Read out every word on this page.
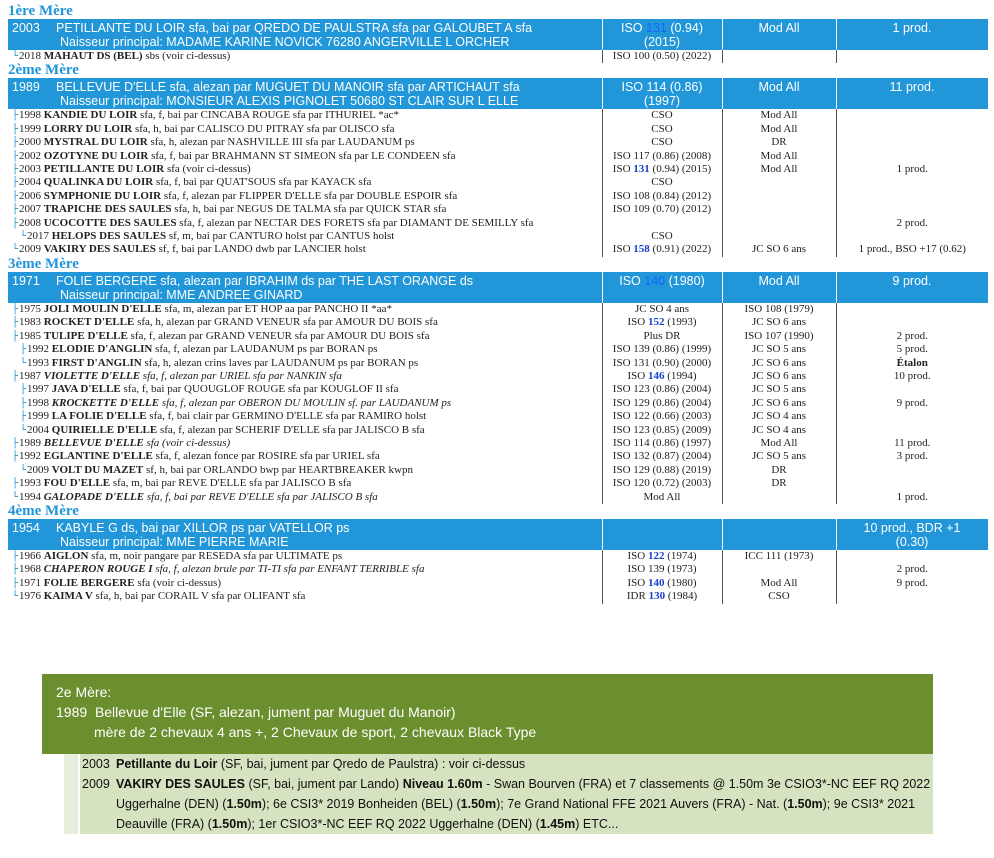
1ère Mère
2003 PETILLANTE DU LOIR sfa, bai par QREDO DE PAULSTRA sfa par GALOUBET A sfa
Naisseur principal: MADAME KARINE NOVICK 76280 ANGERVILLE L ORCHER	ISO 131 (0.94)
(2015)	Mod All	1 prod.
└2018 MAHAUT DS (BEL) sbs (voir ci-dessus)	ISO 100 (0.50) (2022)		
2ème Mère
1989 BELLEVUE D'ELLE sfa, alezan par MUGUET DU MANOIR sfa par ARTICHAUT sfa
Naisseur principal: MONSIEUR ALEXIS PIGNOLET 50680 ST CLAIR SUR L ELLE	ISO 114 (0.86)
(1997)	Mod All	11 prod.
├1998 KANDIE DU LOIR sfa, f, bai par CINCABA ROUGE sfa par ITHURIEL *ac*	CSO	Mod All	
├1999 LORRY DU LOIR sfa, h, bai par CALISCO DU PITRAY sfa par OLISCO sfa	CSO	Mod All	
├2000 MYSTRAL DU LOIR sfa, h, alezan par NASHVILLE III sfa par LAUDANUM ps	CSO	DR	
├2002 OZOTYNE DU LOIR sfa, f, bai par BRAHMANN ST SIMEON sfa par LE CONDEEN sfa	ISO 117 (0.86) (2008)	Mod All	
├2003 PETILLANTE DU LOIR sfa (voir ci-dessus)	ISO 131 (0.94) (2015)	Mod All	1 prod.
├2004 QUALINKA DU LOIR sfa, f, bai par QUAT'SOUS sfa par KAYACK sfa	CSO		
├2006 SYMPHONIE DU LOIR sfa, f, alezan par FLIPPER D'ELLE sfa par DOUBLE ESPOIR sfa	ISO 108 (0.84) (2012)		
├2007 TRAPICHE DES SAULES sfa, h, bai par NEGUS DE TALMA sfa par QUICK STAR sfa	ISO 109 (0.70) (2012)		
├2008 UCOCOTTE DES SAULES sfa, f, alezan par NECTAR DES FORETS sfa par DIAMANT DE SEMILLY sfa			2 prod.
└2017 HELOPS DES SAULES sf, m, bai par CANTURO holst par CANTUS holst	CSO		
└2009 VAKIRY DES SAULES sf, f, bai par LANDO dwb par LANCIER holst	ISO 158 (0.91) (2022)	JC SO 6 ans	1 prod., BSO +17 (0.62)
3ème Mère
1971 FOLIE BERGERE sfa, alezan par IBRAHIM ds par THE LAST ORANGE ds
Naisseur principal: MME ANDREE GINARD	ISO 140 (1980)	Mod All	9 prod.
├1975 JOLI MOULIN D'ELLE sfa, m, alezan par ET HOP aa par PANCHO II *aa*	JC SO 4 ans	ISO 108 (1979)	
├1983 ROCKET D'ELLE sfa, h, alezan par GRAND VENEUR sfa par AMOUR DU BOIS sfa	ISO 152 (1993)	JC SO 6 ans	
├1985 TULIPE D'ELLE sfa, f, alezan par GRAND VENEUR sfa par AMOUR DU BOIS sfa	Plus DR	ISO 107 (1990)	2 prod.
├1992 ELODIE D'ANGLIN sfa, f, alezan par LAUDANUM ps par BORAN ps	ISO 139 (0.86) (1999)	JC SO 5 ans	5 prod.
└1993 FIRST D'ANGLIN sfa, h, alezan crins laves par LAUDANUM ps par BORAN ps	ISO 131 (0.90) (2000)	JC SO 6 ans	Étalon
├1987 VIOLETTE D'ELLE sfa, f, alezan par URIEL sfa par NANKIN sfa	ISO 146 (1994)	JC SO 6 ans	10 prod.
├1997 JAVA D'ELLE sfa, f, bai par QUOUGLOF ROUGE sfa par KOUGLOF II sfa	ISO 123 (0.86) (2004)	JC SO 5 ans	
├1998 KROCKETTE D'ELLE sfa, f, alezan par OBERON DU MOULIN sf. par LAUDANUM ps	ISO 129 (0.86) (2004)	JC SO 6 ans	9 prod.
├1999 LA FOLIE D'ELLE sfa, f, bai clair par GERMINO D'ELLE sfa par RAMIRO holst	ISO 122 (0.66) (2003)	JC SO 4 ans	
└2004 QUIRIELLE D'ELLE sfa, f, alezan par SCHERIF D'ELLE sfa par JALISCO B sfa	ISO 123 (0.85) (2009)	JC SO 4 ans	
├1989 BELLEVUE D'ELLE sfa (voir ci-dessus)	ISO 114 (0.86) (1997)	Mod All	11 prod.
├1992 EGLANTINE D'ELLE sfa, f, alezan fonce par ROSIRE sfa par URIEL sfa	ISO 132 (0.87) (2004)	JC SO 5 ans	3 prod.
└2009 VOLT DU MAZET sf, h, bai par ORLANDO bwp par HEARTBREAKER kwpn	ISO 129 (0.88) (2019)	DR	
├1993 FOU D'ELLE sfa, m, bai par REVE D'ELLE sfa par JALISCO B sfa	ISO 120 (0.72) (2003)	DR	
└1994 GALOPADE D'ELLE sfa, f, bai par REVE D'ELLE sfa par JALISCO B sfa	Mod All		1 prod.
4ème Mère
1954 KABYLE G ds, bai par XILLOR ps par VATELLOR ps
Naisseur principal: MME PIERRE MARIE			10 prod., BDR +1
(0.30)
├1966 AIGLON sfa, m, noir pangare par RESEDA sfa par ULTIMATE ps	ISO 122 (1974)	ICC 111 (1973)	
├1968 CHAPERON ROUGE I sfa, f, alezan brule par TI-TI sfa par ENFANT TERRIBLE sfa	ISO 139 (1973)		2 prod.
├1971 FOLIE BERGERE sfa (voir ci-dessus)	ISO 140 (1980)	Mod All	9 prod.
└1976 KAIMA V sfa, h, bai par CORAIL V sfa par OLIFANT sfa	IDR 130 (1984)	CSO	
2e Mère:
1989 Bellevue d'Elle (SF, alezan, jument par Muguet du Manoir)
mère de 2 chevaux 4 ans +, 2 Chevaux de sport, 2 chevaux Black Type
2003 Petillante du Loir (SF, bai, jument par Qredo de Paulstra) : voir ci-dessus
2009 VAKIRY DES SAULES (SF, bai, jument par Lando) Niveau 1.60m - Swan Bourven (FRA) et 7 classements @ 1.50m 3e CSIO3*-NC EEF RQ 2022
Uggerhalne (DEN) (1.50m); 6e CSI3* 2019 Bonheiden (BEL) (1.50m); 7e Grand National FFE 2021 Auvers (FRA) - Nat. (1.50m); 9e CSI3* 2021
Deauville (FRA) (1.50m); 1er CSIO3*-NC EEF RQ 2022 Uggerhalne (DEN) (1.45m) ETC...
